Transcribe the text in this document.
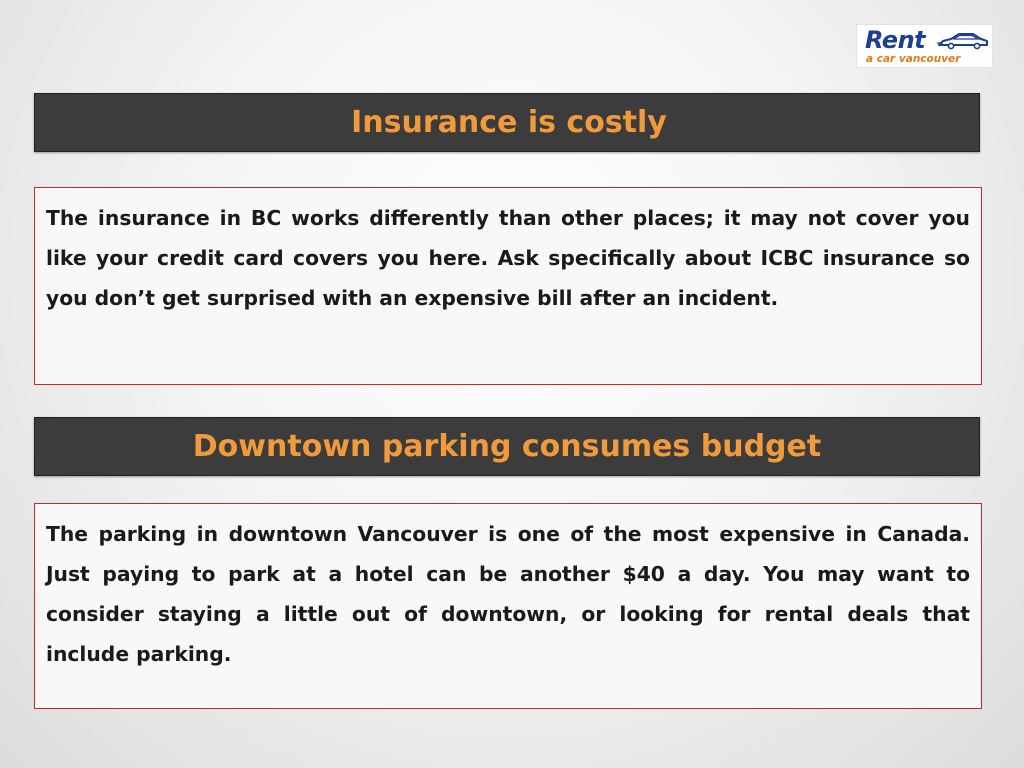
Rent
a car vancouver
Insurance is costly

The insurance in BC works differently than other places; it may not cover you like your credit card covers you here. Ask specifically about ICBC insurance so you don’t get surprised with an expensive bill after an incident.

Downtown parking consumes budget

The parking in downtown Vancouver is one of the most expensive in Canada. Just paying to park at a hotel can be another $40 a day. You may want to consider staying a little out of downtown, or looking for rental deals that include parking.
